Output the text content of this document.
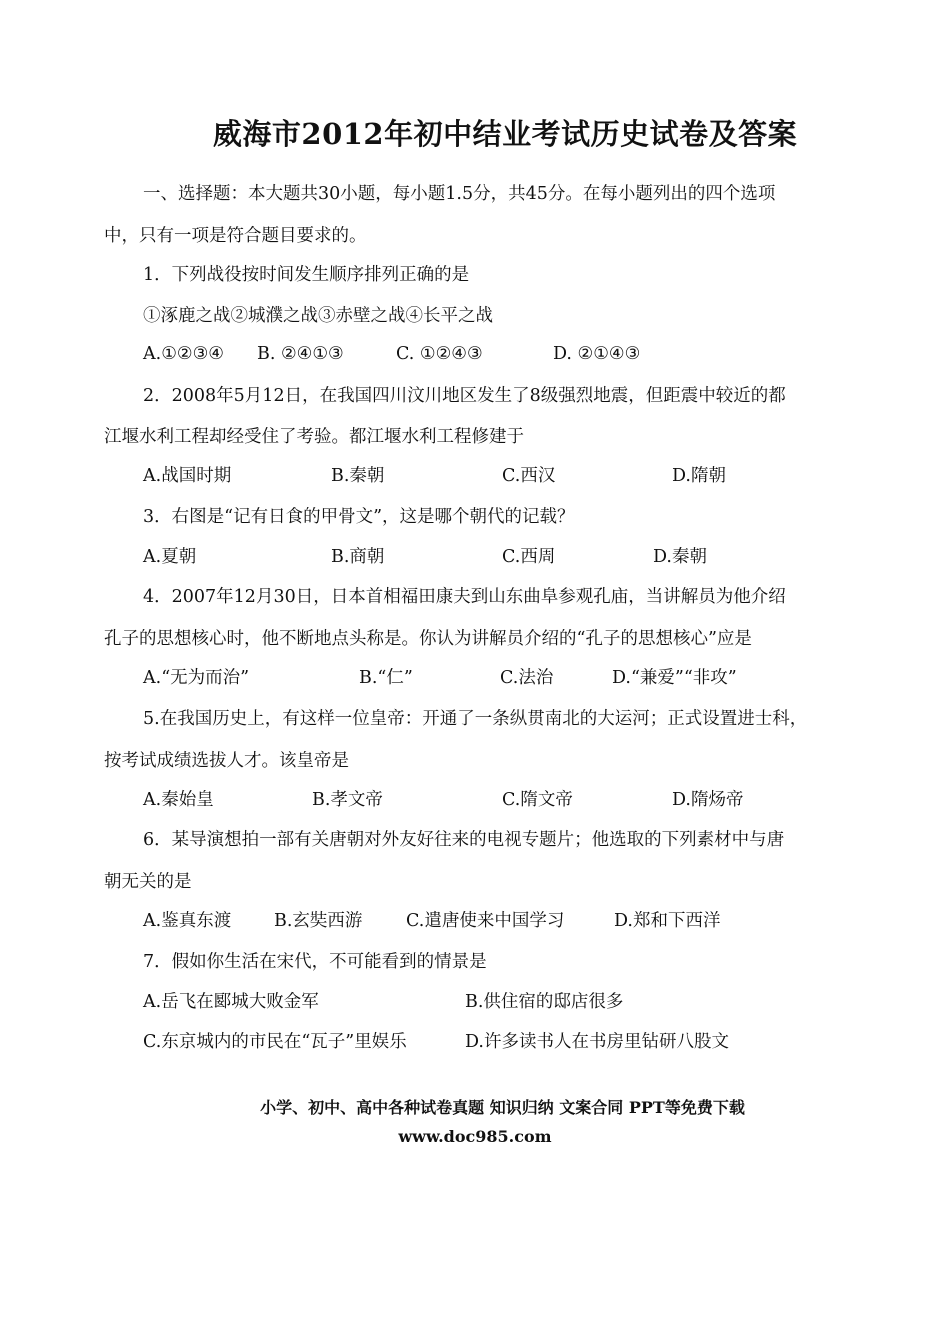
威海市2012年初中结业考试历史试卷及答案
一、选择题：本大题共30小题，每小题1.5分，共45分。在每小题列出的四个选项
中，只有一项是符合题目要求的。
1．下列战役按时间发生顺序排列正确的是
①涿鹿之战②城濮之战③赤壁之战④长平之战
A.①②③④ B. ②④①③	C. ①②④③	D. ②①④③
2．2008年5月12日，在我国四川汶川地区发生了8级强烈地震，但距震中较近的都
江堰水利工程却经受住了考验。都江堰水利工程修建于
A.战国时期	B.秦朝	C.西汉	D.隋朝
3．右图是“记有日食的甲骨文”，这是哪个朝代的记载？
A.夏朝	B.商朝	C.西周	D.秦朝
4．2007年12月30日，日本首相福田康夫到山东曲阜参观孔庙，当讲解员为他介绍
孔子的思想核心时，他不断地点头称是。你认为讲解员介绍的“孔子的思想核心”应是
A.“无为而治”	B.“仁”	C.法治	D.“兼爱”“非攻”
5.在我国历史上，有这样一位皇帝：开通了一条纵贯南北的大运河；正式设置进士科，
按考试成绩选拔人才。该皇帝是
A.秦始皇	B.孝文帝	C.隋文帝	D.隋炀帝
6．某导演想拍一部有关唐朝对外友好往来的电视专题片；他选取的下列素材中与唐
朝无关的是
A.鉴真东渡 B.玄奘西游 C.遣唐使来中国学习	D.郑和下西洋
7．假如你生活在宋代，不可能看到的情景是
A.岳飞在郾城大败金军	B.供住宿的邸店很多
C.东京城内的市民在“瓦子”里娱乐	D.许多读书人在书房里钻研八股文
小学、初中、高中各种试卷真题 知识归纳 文案合同 PPT等免费下载
www.doc985.com
